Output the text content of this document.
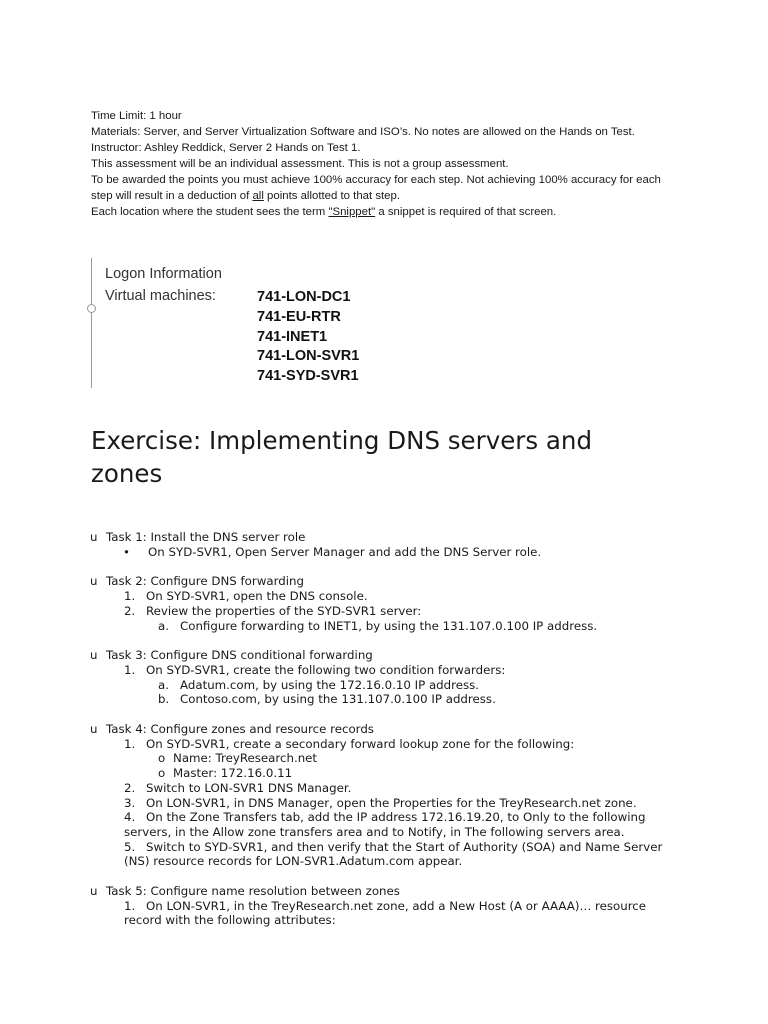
Time Limit: 1 hour
Materials: Server, and Server Virtualization Software and ISO’s. No notes are allowed on the Hands on Test.
Instructor: Ashley Reddick, Server 2 Hands on Test 1.
This assessment will be an individual assessment. This is not a group assessment.
To be awarded the points you must achieve 100% accuracy for each step. Not achieving 100% accuracy for each
step will result in a deduction of all points allotted to that step.
Each location where the student sees the term "Snippet" a snippet is required of that screen.
Logon Information
Virtual machines:	741-LON-DC1
741-EU-RTR
741-INET1
741-LON-SVR1
741-SYD-SVR1
Exercise: Implementing DNS servers and zones
u Task 1: Install the DNS server role
• On SYD-SVR1, Open Server Manager and add the DNS Server role.
u Task 2: Configure DNS forwarding
1. On SYD-SVR1, open the DNS console.
2. Review the properties of the SYD-SVR1 server:
a. Configure forwarding to INET1, by using the 131.107.0.100 IP address.
u Task 3: Configure DNS conditional forwarding
1. On SYD-SVR1, create the following two condition forwarders:
a. Adatum.com, by using the 172.16.0.10 IP address.
b. Contoso.com, by using the 131.107.0.100 IP address.
u Task 4: Configure zones and resource records
1. On SYD-SVR1, create a secondary forward lookup zone for the following:
o Name: TreyResearch.net
o Master: 172.16.0.11
2. Switch to LON-SVR1 DNS Manager.
3. On LON-SVR1, in DNS Manager, open the Properties for the TreyResearch.net zone.
4. On the Zone Transfers tab, add the IP address 172.16.19.20, to Only to the following
servers, in the Allow zone transfers area and to Notify, in The following servers area.
5. Switch to SYD-SVR1, and then verify that the Start of Authority (SOA) and Name Server
(NS) resource records for LON-SVR1.Adatum.com appear.
u Task 5: Configure name resolution between zones
1. On LON-SVR1, in the TreyResearch.net zone, add a New Host (A or AAAA)… resource
record with the following attributes:
